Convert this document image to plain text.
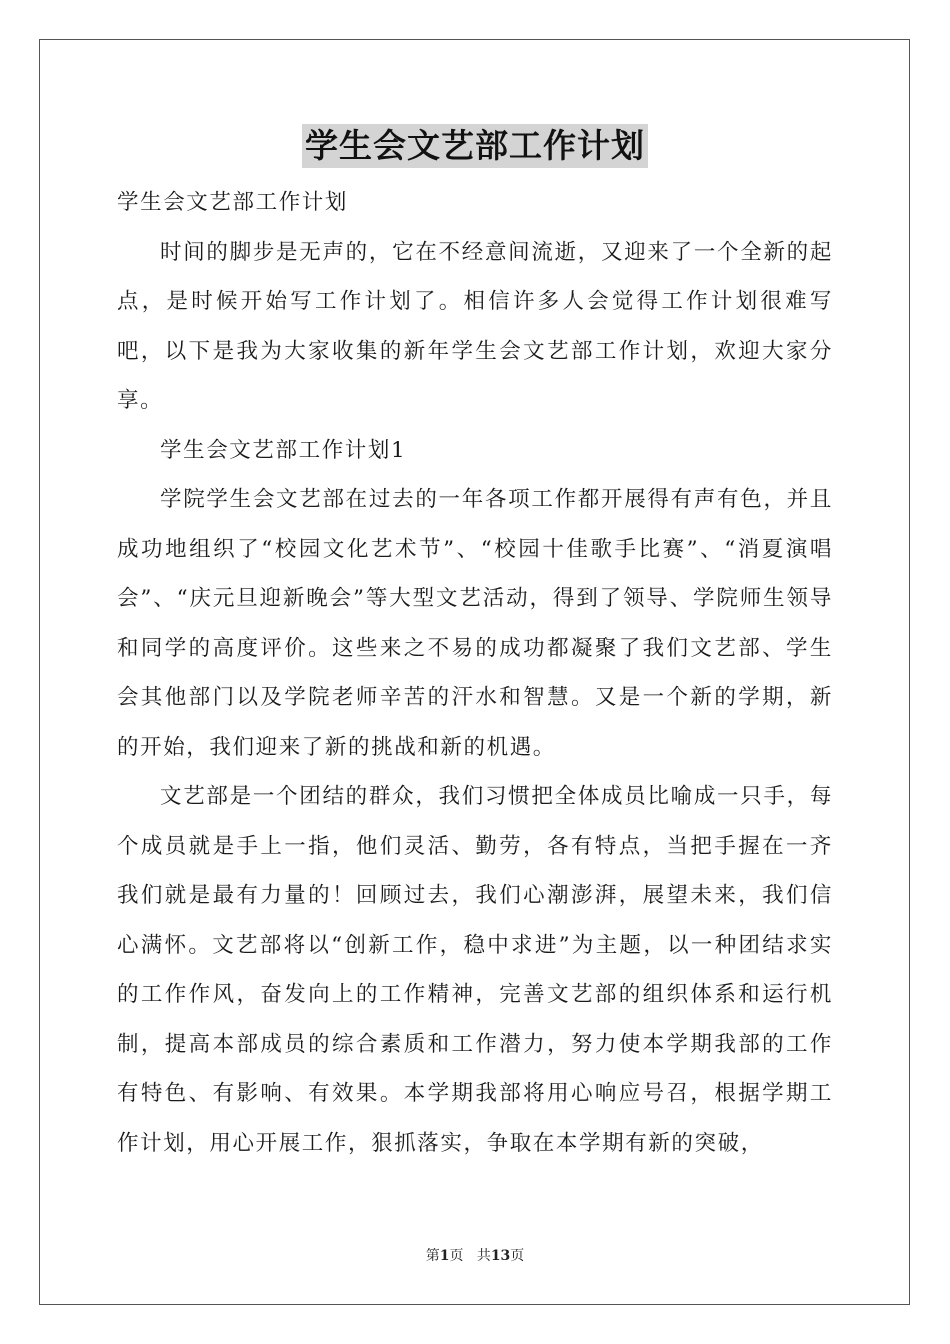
学生会文艺部工作计划

学生会文艺部工作计划

时间的脚步是无声的，它在不经意间流逝，又迎来了一个全新的起点，是时候开始写工作计划了。相信许多人会觉得工作计划很难写吧，以下是我为大家收集的新年学生会文艺部工作计划，欢迎大家分享。

学生会文艺部工作计划1

学院学生会文艺部在过去的一年各项工作都开展得有声有色，并且成功地组织了“校园文化艺术节”、“校园十佳歌手比赛”、“消夏演唱会”、“庆元旦迎新晚会”等大型文艺活动，得到了领导、学院师生领导和同学的高度评价。这些来之不易的成功都凝聚了我们文艺部、学生会其他部门以及学院老师辛苦的汗水和智慧。又是一个新的学期，新的开始，我们迎来了新的挑战和新的机遇。

文艺部是一个团结的群众，我们习惯把全体成员比喻成一只手，每个成员就是手上一指，他们灵活、勤劳，各有特点，当把手握在一齐我们就是最有力量的！回顾过去，我们心潮澎湃，展望未来，我们信心满怀。文艺部将以“创新工作，稳中求进”为主题，以一种团结求实的工作作风，奋发向上的工作精神，完善文艺部的组织体系和运行机制，提高本部成员的综合素质和工作潜力，努力使本学期我部的工作有特色、有影响、有效果。本学期我部将用心响应号召，根据学期工作计划，用心开展工作，狠抓落实，争取在本学期有新的突破，

第1页 共13页
